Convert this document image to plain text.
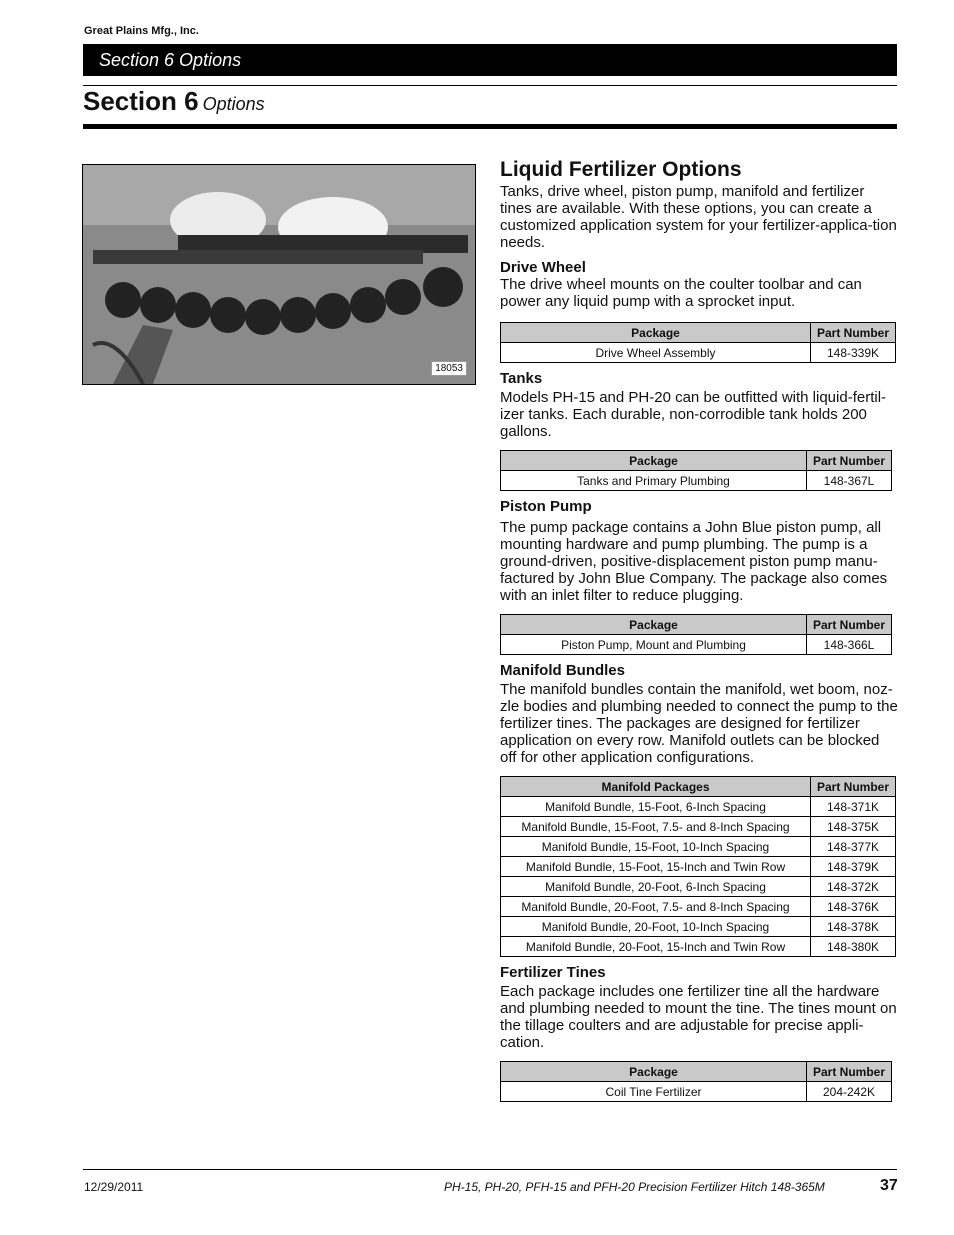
Great Plains Mfg., Inc.
Section 6 Options
Section 6 Options
18053
Liquid Fertilizer Options

Tanks, drive wheel, piston pump, manifold and fertilizer tines are available. With these options, you can create a customized application system for your fertilizer-applica-tion needs.

Drive Wheel

The drive wheel mounts on the coulter toolbar and can power any liquid pump with a sprocket input.

Package	Part Number
Drive Wheel Assembly	148-339K
Tanks

Models PH-15 and PH-20 can be outfitted with liquid-fertil-izer tanks. Each durable, non-corrodible tank holds 200 gallons.

Package	Part Number
Tanks and Primary Plumbing	148-367L
Piston Pump

The pump package contains a John Blue piston pump, all mounting hardware and pump plumbing. The pump is a ground-driven, positive-displacement piston pump manu-factured by John Blue Company. The package also comes with an inlet filter to reduce plugging.

Package	Part Number
Piston Pump, Mount and Plumbing	148-366L
Manifold Bundles

The manifold bundles contain the manifold, wet boom, noz-zle bodies and plumbing needed to connect the pump to the fertilizer tines. The packages are designed for fertilizer application on every row. Manifold outlets can be blocked off for other application configurations.

Manifold Packages	Part Number
Manifold Bundle, 15-Foot, 6-Inch Spacing	148-371K
Manifold Bundle, 15-Foot, 7.5- and 8-Inch Spacing	148-375K
Manifold Bundle, 15-Foot, 10-Inch Spacing	148-377K
Manifold Bundle, 15-Foot, 15-Inch and Twin Row	148-379K
Manifold Bundle, 20-Foot, 6-Inch Spacing	148-372K
Manifold Bundle, 20-Foot, 7.5- and 8-Inch Spacing	148-376K
Manifold Bundle, 20-Foot, 10-Inch Spacing	148-378K
Manifold Bundle, 20-Foot, 15-Inch and Twin Row	148-380K
Fertilizer Tines

Each package includes one fertilizer tine all the hardware and plumbing needed to mount the tine. The tines mount on the tillage coulters and are adjustable for precise appli-cation.

Package	Part Number
Coil Tine Fertilizer	204-242K
12/29/2011	PH-15, PH-20, PFH-15 and PFH-20 Precision Fertilizer Hitch 148-365M	37
